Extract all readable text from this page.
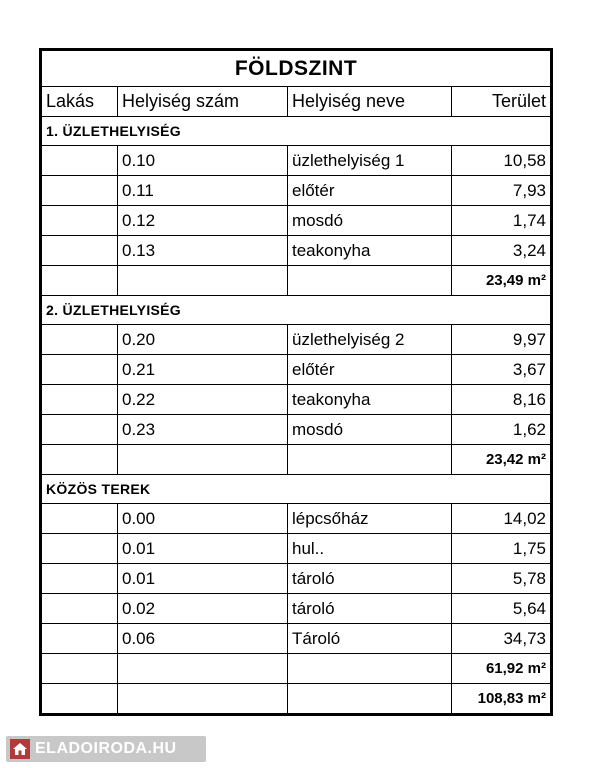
FÖLDSZINT			
Lakás	Helyiség szám	Helyiség neve	Terület
1. ÜZLETHELYISÉG			
	0.10	üzlethelyiség 1	10,58
	0.11	előtér	7,93
	0.12	mosdó	1,74
	0.13	teakonyha	3,24
			23,49 m²
2. ÜZLETHELYISÉG			
	0.20	üzlethelyiség 2	9,97
	0.21	előtér	3,67
	0.22	teakonyha	8,16
	0.23	mosdó	1,62
			23,42 m²
KÖZÖS TEREK			
	0.00	lépcsőház	14,02
	0.01	hul..	1,75
	0.01	tároló	5,78
	0.02	tároló	5,64
	0.06	Tároló	34,73
			61,92 m²
			108,83 m²
ELADOIRODA.HU
